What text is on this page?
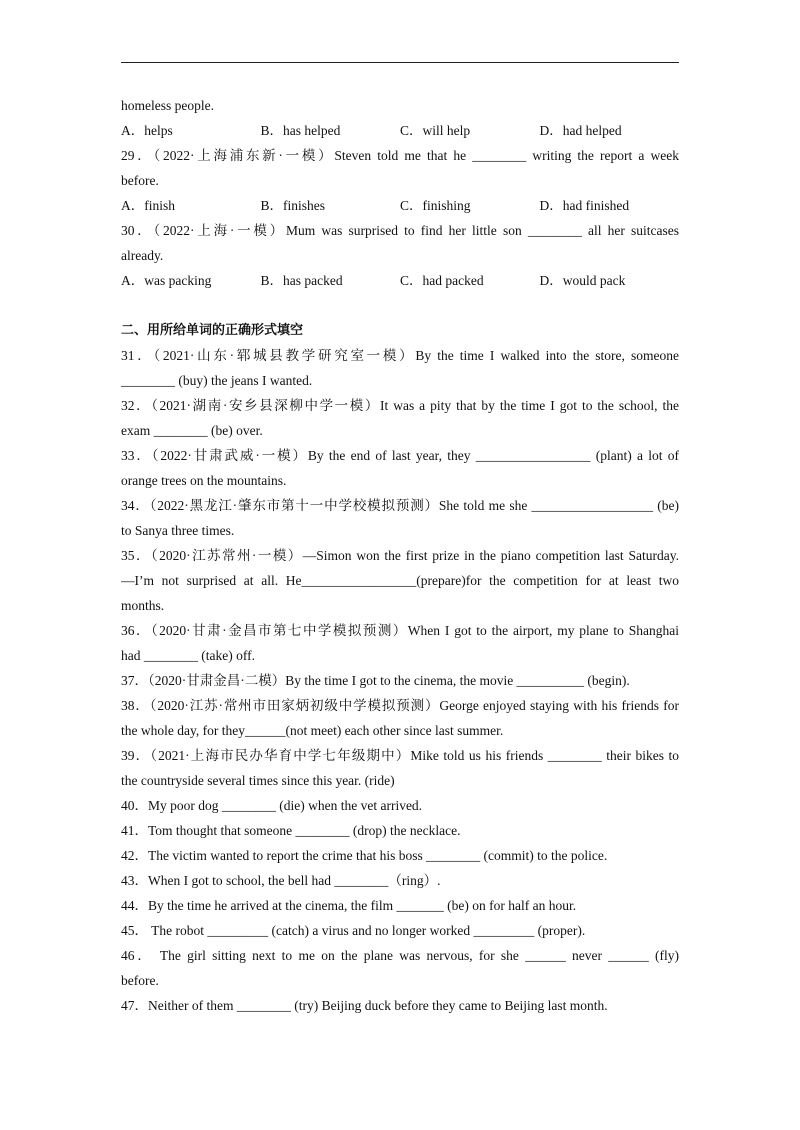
homeless people.
A．helps	B．has helped	C．will help	D．had helped
29．（2022·上海浦东新·一模）Steven told me that he ________ writing the report a week
before.
A．finish	B．finishes	C．finishing	D．had finished
30．（2022·上海·一模）Mum was surprised to find her little son ________ all her suitcases
already.
A．was packing	B．has packed	C．had packed	D．would pack
二、用所给单词的正确形式填空
31．（2021·山东·郓城县教学研究室一模）By the time I walked into the store, someone
________ (buy) the jeans I wanted.
32．（2021·湖南·安乡县深柳中学一模）It was a pity that by the time I got to the school, the
exam ________ (be) over.
33．（2022·甘肃武威·一模）By the end of last year, they _________________ (plant) a lot of
orange trees on the mountains.
34．（2022·黑龙江·肇东市第十一中学校模拟预测）She told me she __________________ (be)
to Sanya three times.
35．（2020·江苏常州·一模）—Simon won the first prize in the piano competition last Saturday.
—I’m not surprised at all. He_________________(prepare)for the competition for at least two
months.
36．（2020·甘肃·金昌市第七中学模拟预测）When I got to the airport, my plane to Shanghai
had ________ (take) off.
37．（2020·甘肃金昌·二模）By the time I got to the cinema, the movie __________ (begin).
38．（2020·江苏·常州市田家炳初级中学模拟预测）George enjoyed staying with his friends for
the whole day, for they______(not meet) each other since last summer.
39．（2021·上海市民办华育中学七年级期中）Mike told us his friends ________ their bikes to
the countryside several times since this year. (ride)
40．My poor dog ________ (die) when the vet arrived.
41．Tom thought that someone ________ (drop) the necklace.
42．The victim wanted to report the crime that his boss ________ (commit) to the police.
43．When I got to school, the bell had ________（ring）.
44．By the time he arrived at the cinema, the film _______ (be) on for half an hour.
45． The robot _________ (catch) a virus and no longer worked _________ (proper).
46． The girl sitting next to me on the plane was nervous, for she ______ never ______ (fly)
before.
47．Neither of them ________ (try) Beijing duck before they came to Beijing last month.
